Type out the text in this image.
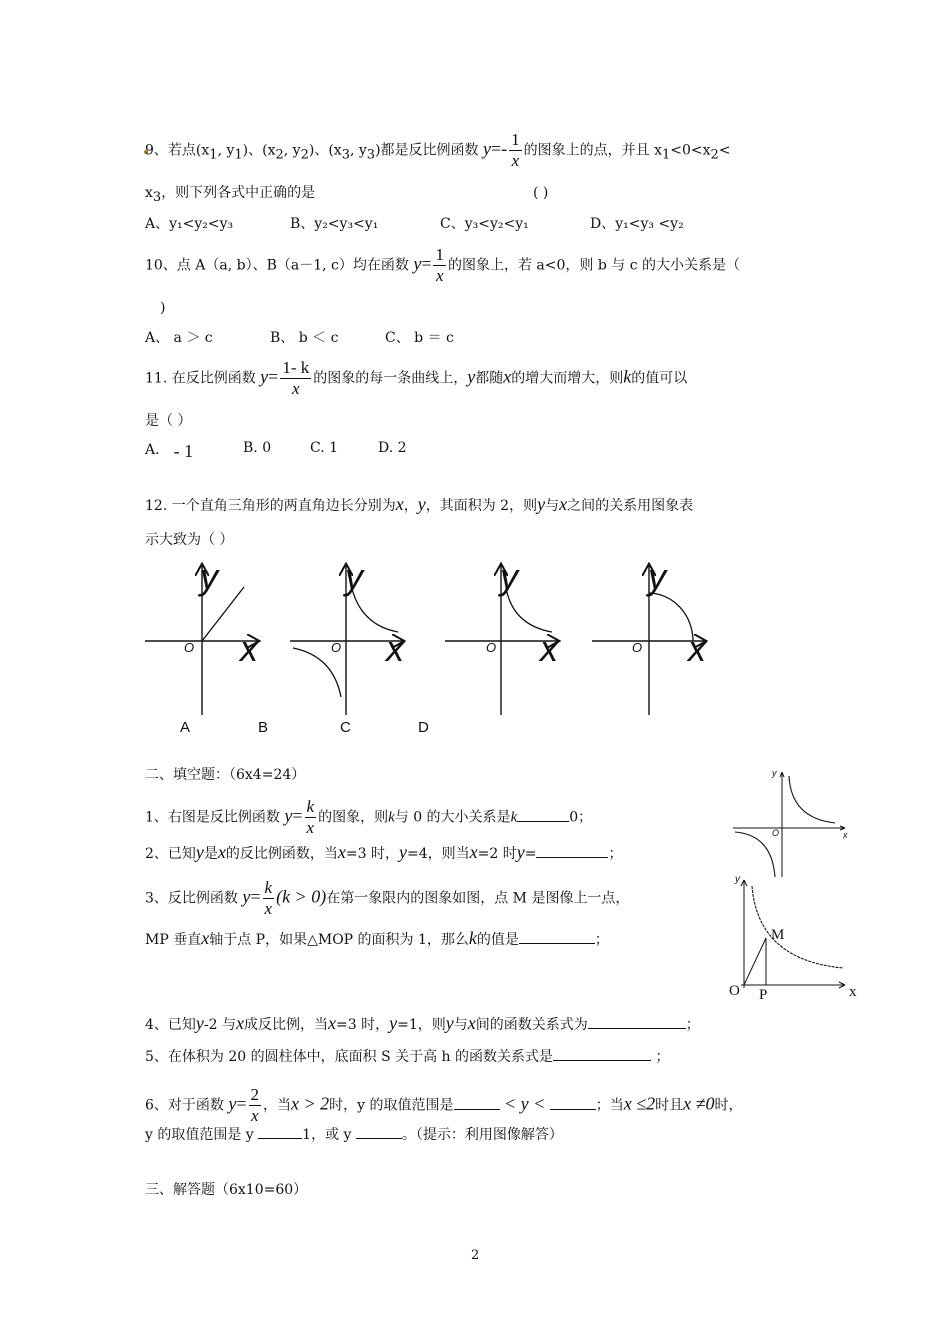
9、若点($x_1$, $y_1$)、($x_2$, $y_2$)、($x_3$, $y_3$)都是反比例函数 $y=- \frac{1}{x}$ 的图象上的点，并且 $x_1<0<x_2<$
$x_3$，则下列各式中正确的是	( )
A、y₁<y₂<y₃	B、y₂<y₃<y₁	C、y₃<y₂<y₁	D、y₁<y₃ <y₂
10、点 A（a, b）、B（a－1, c）均在函数 $y= \frac{1}{x}$ 的图象上，若 a<0，则 b 与 c 的大小关系是（
)
A、 a ＞ c	B、 b ＜ c	C、 b ＝ c
11. 在反比例函数 $y= \frac{1- k}{x}$ 的图象的每一条曲线上，y都随x的增大而增大，则k的值可以
是（ ）
A． - 1	B. 0	C. 1	D. 2
12. 一个直角三角形的两直角边长分别为x，y，其面积为 2，则y与x之间的关系用图象表
示大致为（ ）
y
x
O
y
x
O
y
x
O
y
x
O
A	B	C	D
二、填空题：（6x4=24）
1、右图是反比例函数 $y= \frac{k}{x}$ 的图象，则k与 0 的大小关系是k	0；
2、已知y是x的反比例函数，当x=3 时，y=4，则当x=2 时y=	；
3、反比例函数 $y= \frac{k}{x} (k > 0)$在第一象限内的图象如图，点 M 是图像上一点，
MP 垂直x轴于点 P，如果△MOP 的面积为 1，那么k的值是	；
4、已知y-2 与x成反比例，当x=3 时，y=1，则y与x间的函数关系式为	；
5、在体积为 20 的圆柱体中，底面积 S 关于高 h 的函数关系式是	；
6、对于函数 $y= \frac{2}{x}$ ，当x > 2时，y 的取值范围是	< y <	；当x ≤2时且x ≠0时，
y 的取值范围是 y	1，或 y	。（提示：利用图像解答）
y
x
O
y
x
O
M
P
三、解答题（6x10=60）
2
